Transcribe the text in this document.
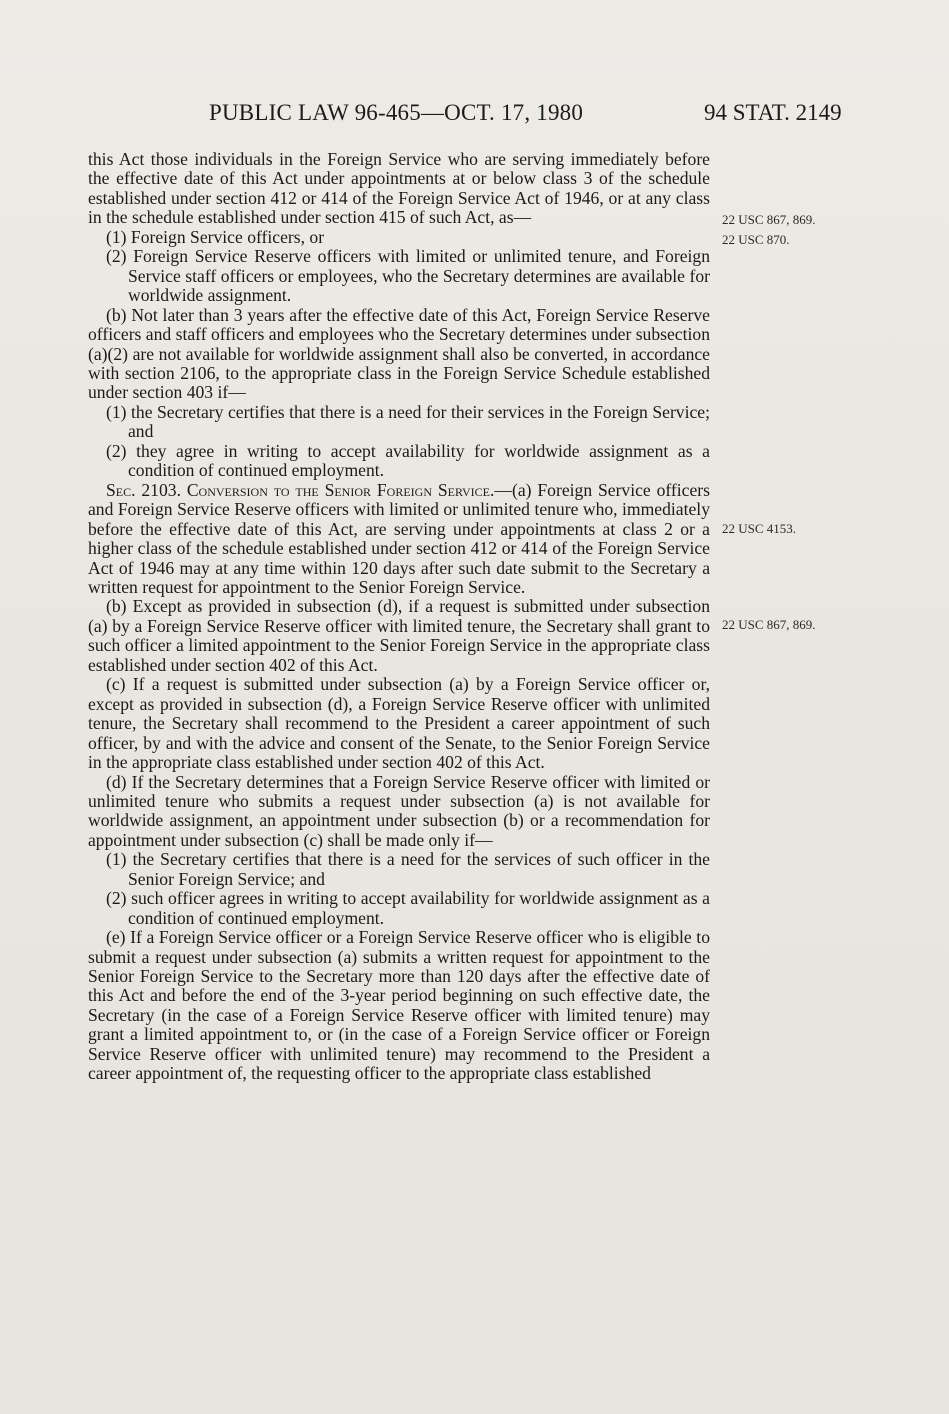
PUBLIC LAW 96-465—OCT. 17, 1980	94 STAT. 2149

this Act those individuals in the Foreign Service who are serving immediately before the effective date of this Act under appointments at or below class 3 of the schedule established under section 412 or 414 of the Foreign Service Act of 1946, or at any class in the schedule established under section 415 of such Act, as—

(1) Foreign Service officers, or

(2) Foreign Service Reserve officers with limited or unlimited tenure, and Foreign Service staff officers or employees, who the Secretary determines are available for worldwide assignment.

(b) Not later than 3 years after the effective date of this Act, Foreign Service Reserve officers and staff officers and employees who the Secretary determines under subsection (a)(2) are not available for worldwide assignment shall also be converted, in accordance with section 2106, to the appropriate class in the Foreign Service Schedule established under section 403 if—

(1) the Secretary certifies that there is a need for their services in the Foreign Service; and

(2) they agree in writing to accept availability for worldwide assignment as a condition of continued employment.

Sec. 2103. Conversion to the Senior Foreign Service.—(a) Foreign Service officers and Foreign Service Reserve officers with limited or unlimited tenure who, immediately before the effective date of this Act, are serving under appointments at class 2 or a higher class of the schedule established under section 412 or 414 of the Foreign Service Act of 1946 may at any time within 120 days after such date submit to the Secretary a written request for appointment to the Senior Foreign Service.

(b) Except as provided in subsection (d), if a request is submitted under subsection (a) by a Foreign Service Reserve officer with limited tenure, the Secretary shall grant to such officer a limited appointment to the Senior Foreign Service in the appropriate class established under section 402 of this Act.

(c) If a request is submitted under subsection (a) by a Foreign Service officer or, except as provided in subsection (d), a Foreign Service Reserve officer with unlimited tenure, the Secretary shall recommend to the President a career appointment of such officer, by and with the advice and consent of the Senate, to the Senior Foreign Service in the appropriate class established under section 402 of this Act.

(d) If the Secretary determines that a Foreign Service Reserve officer with limited or unlimited tenure who submits a request under subsection (a) is not available for worldwide assignment, an appointment under subsection (b) or a recommendation for appointment under subsection (c) shall be made only if—

(1) the Secretary certifies that there is a need for the services of such officer in the Senior Foreign Service; and

(2) such officer agrees in writing to accept availability for worldwide assignment as a condition of continued employment.

(e) If a Foreign Service officer or a Foreign Service Reserve officer who is eligible to submit a request under subsection (a) submits a written request for appointment to the Senior Foreign Service to the Secretary more than 120 days after the effective date of this Act and before the end of the 3-year period beginning on such effective date, the Secretary (in the case of a Foreign Service Reserve officer with limited tenure) may grant a limited appointment to, or (in the case of a Foreign Service officer or Foreign Service Reserve officer with unlimited tenure) may recommend to the President a career appointment of, the requesting officer to the appropriate class established

22 USC 867, 869.
22 USC 870.
22 USC 4153.
22 USC 867, 869.
